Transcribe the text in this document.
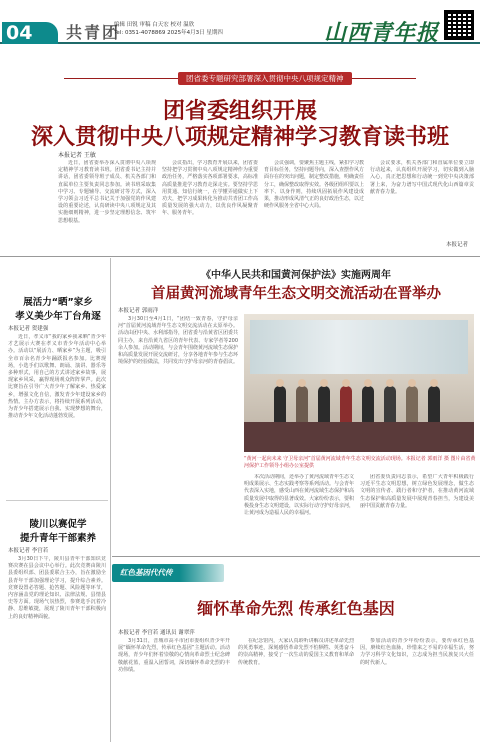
04	共青团
编辑 田锐 审稿 白天宏 校对 温欣
Tel: 0351-4078869 2025年4月3日 星期四	山西青年报
团省委专题研究部署深入贯彻中央八项规定精神
团省委组织开展
深入贯彻中央八项规定精神学习教育读书班
本报记者 王敏

近日，团省委举办深入贯彻中央八项规定精神学习教育读书班。团省委书记主持并讲话，团省委领导班子成员、机关各部门和直属单位主要负责同志参加。读书班采取集中学习、专题辅导、交流研讨等方式，深入学习领会习近平总书记关于加强党的作风建设的重要论述，认真研读中央八项规定及其实施细则精神，进一步坚定理想信念、筑牢思想根基。

会议指出，学习教育开展以来，团省委坚持把学习贯彻中央八项规定精神作为重要政治任务，严格落实各项部署要求，高标准高质量推进学习教育走深走实。要坚持学思用贯通、知信行统一，在学懂弄通做实上下功夫，把学习成果转化为推动共青团工作高质量发展的强大动力，以优良作风凝聚青年、服务青年。

会议强调，要聚焦主题主线，紧扣学习教育目标任务，坚持问题导向，深入查摆作风方面存在的突出问题，制定整改措施，明确责任分工，确保整改取得实效。各级团组织要以上率下、以身作则，持续巩固拓展作风建设成果，推动形成风清气正的良好政治生态，以过硬作风服务全省中心大局。

会议要求，机关各部门和直属单位要立即行动起来，认真组织开展学习，切实做到入脑入心，真正把思想和行动统一到党中央决策部署上来，为奋力谱写中国式现代化山西篇章贡献青春力量。

本报记者
展活力“晒”家乡
孝义美少年丁台角逐
本报记者 贺建强

近日，孝义市“我的家乡我来晒”青少年才艺展示大赛在孝义市青少年活动中心举办。活动以“展活力、晒家乡”为主题，吸引全市百余名青少年踊跃报名参加。比赛现场，小选手们以歌舞、朗诵、演讲、器乐等多种形式，用自己的方式讲述家乡故事，展现家乡风采，赢得现场观众阵阵掌声。此次比赛旨在引导广大青少年了解家乡、热爱家乡，增强文化自信，激发青少年建设家乡的热情。主办方表示，将持续开展系列活动，为青少年搭建展示自我、实现梦想的舞台，推动青少年文化活动蓬勃发展。

陵川以赛促学
提升青年干部素养
本报记者 李宫若

3月30日下午，陵川县青年干部知识竞赛决赛在县会议中心举行。此次竞赛由陵川县委组织部、团县委联合主办，旨在激励全县青年干部加强理论学习，提升综合素养。竞赛设置必答题、抢答题、风险题等环节，内容涵盖党的理论知识、法律法规、县情县史等方面。现场气氛热烈，参赛选手沉着冷静、思维敏捷，展现了陵川青年干部积极向上的良好精神面貌。

《中华人民共和国黄河保护法》实施两周年
首届黄河流域青年生态文明交流活动在晋举办
本报记者 郭雨洋

3月30日至4月1日，“团结一致青春，守护母亲河”首届黄河流域青年生态文明交流活动在太原举办。活动由团中央、水利部指导，团省委与沿黄省区团委共同主办，来自沿黄九省区的青年代表、专家学者等200余人参加。活动期间，与会青年围绕黄河流域生态保护和高质量发展开展交流研讨，分享各地青年参与生态环境保护的经验做法，共同发出守护母亲河的青春倡议。

“黄河一起向未来 守卫母亲河”首届黄河流域青年生态文明交流活动现场。本报记者 郭雨洋 摄 图片由省黄河保护工作领导小组办公室提供

本次活动期间，还举办了黄河流域青年生态文明成果展示、生态实践考察等系列活动。与会青年代表深入实地，感受山西在黄河流域生态保护和高质量发展中取得的显著成效。大家纷纷表示，要积极投身生态文明建设，以实际行动守护好母亲河，让黄河成为造福人民的幸福河。

团省委负责同志表示，希望广大青年积极践行习近平生态文明思想，树立绿色发展理念，做生态文明的宣传者、践行者和守护者，在推动黄河流域生态保护和高质量发展中展现青春担当，为建设美丽中国贡献青春力量。

红色基因代代传
缅怀革命先烈 传承红色基因
本报记者 李宫若 通讯员 谢翠萍

3月31日，晋城市高平市团市委组织青少年开展“缅怀革命先烈，传承红色基因”主题活动。活动现场，青少年们怀着崇敬的心情向革命烈士纪念碑敬献花篮，重温入团誓词，深切缅怀革命先烈的丰功伟绩。

在纪念馆内，大家认真聆听讲解员讲述革命先烈的英勇事迹，深刻感悟革命先烈不怕牺牲、英勇奋斗的崇高精神，接受了一次生动的爱国主义教育和革命传统教育。

参加活动的青少年纷纷表示，要传承红色基因，赓续红色血脉，珍惜来之不易的幸福生活，努力学习科学文化知识，立志成为担当民族复兴大任的时代新人。
